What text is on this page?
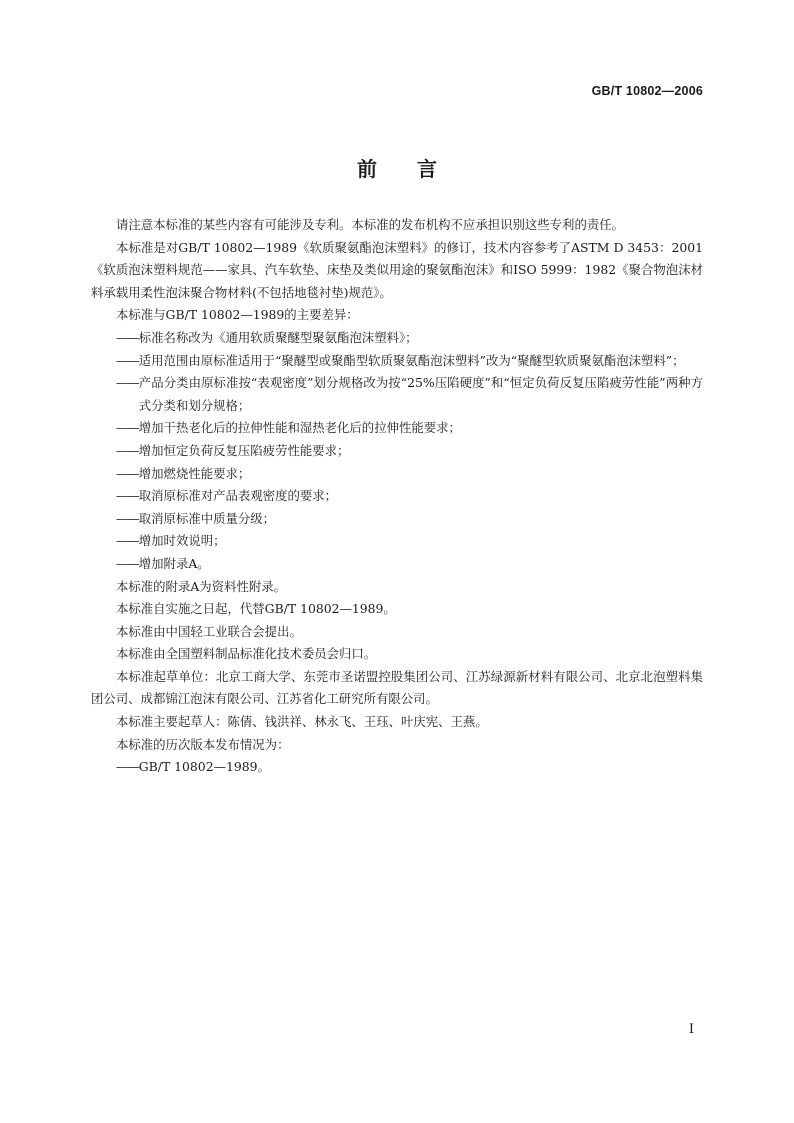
GB/T 10802—2006
前 言

请注意本标准的某些内容有可能涉及专利。本标准的发布机构不应承担识别这些专利的责任。

本标准是对GB/T 10802—1989《软质聚氨酯泡沫塑料》的修订，技术内容参考了ASTM D 3453：2001《软质泡沫塑料规范——家具、汽车软垫、床垫及类似用途的聚氨酯泡沫》和ISO 5999：1982《聚合物泡沫材料承载用柔性泡沫聚合物材料(不包括地毯衬垫)规范》。

本标准与GB/T 10802—1989的主要差异：

—— 标准名称改为《通用软质聚醚型聚氨酯泡沫塑料》；
—— 适用范围由原标准适用于“聚醚型或聚酯型软质聚氨酯泡沫塑料”改为“聚醚型软质聚氨酯泡沫塑料”；
—— 产品分类由原标准按“表观密度”划分规格改为按“25%压陷硬度”和“恒定负荷反复压陷疲劳性能”两种方式分类和划分规格；
—— 增加干热老化后的拉伸性能和湿热老化后的拉伸性能要求；
—— 增加恒定负荷反复压陷疲劳性能要求；
—— 增加燃烧性能要求；
—— 取消原标准对产品表观密度的要求；
—— 取消原标准中质量分级；
—— 增加时效说明；
—— 增加附录A。

本标准的附录A为资料性附录。

本标准自实施之日起，代替GB/T 10802—1989。

本标准由中国轻工业联合会提出。

本标准由全国塑料制品标准化技术委员会归口。

本标准起草单位：北京工商大学、东莞市圣诺盟控股集团公司、江苏绿源新材料有限公司、北京北泡塑料集团公司、成都锦江泡沫有限公司、江苏省化工研究所有限公司。

本标准主要起草人：陈倩、钱洪祥、林永飞、王珏、叶庆宪、王燕。

本标准的历次版本发布情况为：

—— GB/T 10802—1989。
I
